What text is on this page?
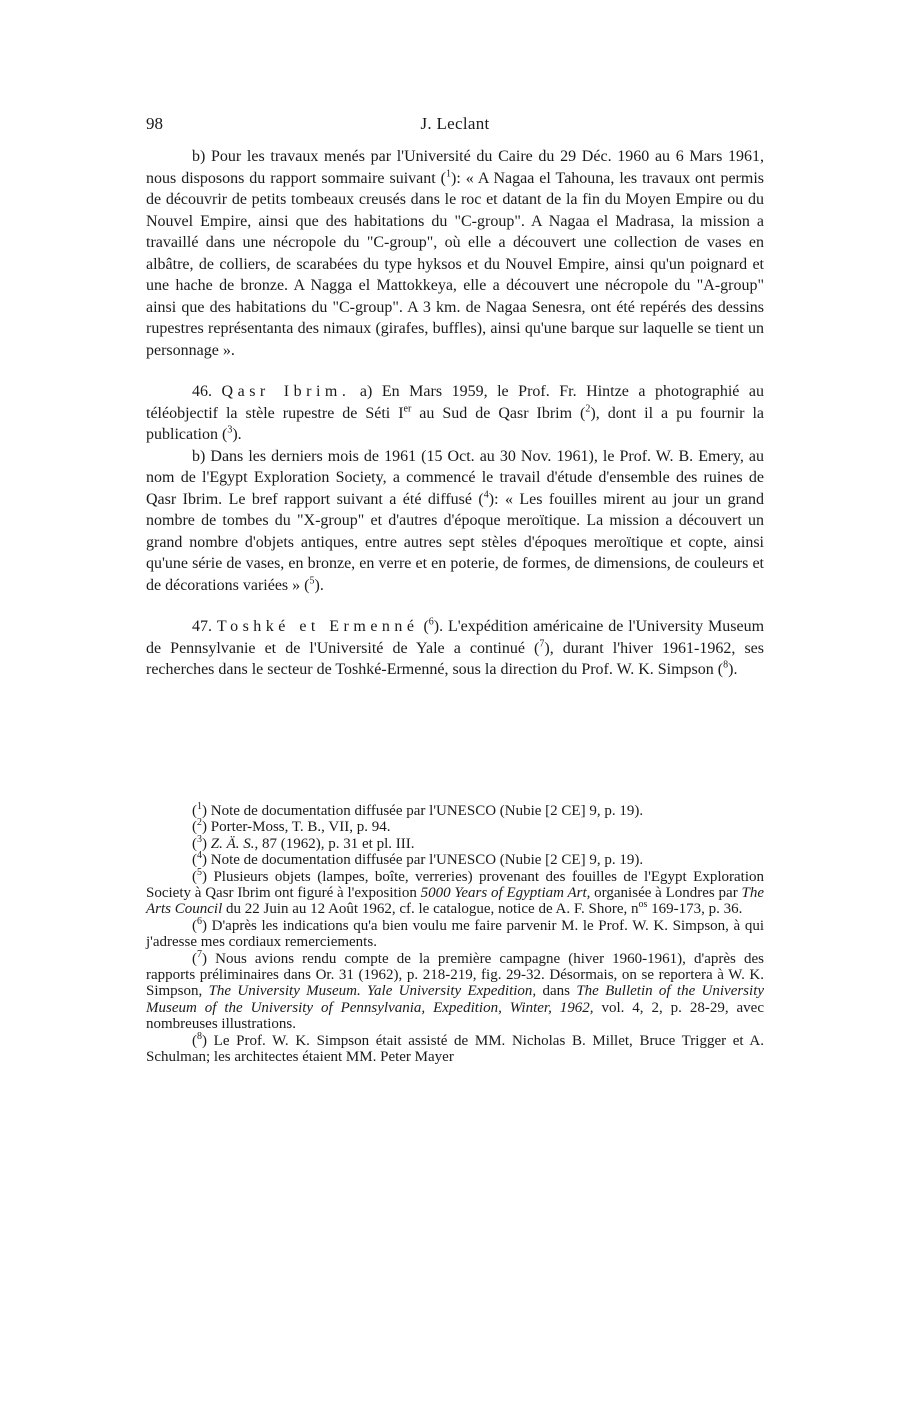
98	J. Leclant

b) Pour les travaux menés par l'Université du Caire du 29 Déc. 1960 au 6 Mars 1961, nous disposons du rapport sommaire suivant ($^1$): « A Nagaa el Tahouna, les travaux ont permis de découvrir de petits tombeaux creusés dans le roc et datant de la fin du Moyen Empire ou du Nouvel Empire, ainsi que des habitations du "C-group". A Nagaa el Madrasa, la mission a travaillé dans une nécropole du "C-group", où elle a découvert une collection de vases en albâtre, de colliers, de scarabées du type hyksos et du Nouvel Empire, ainsi qu'un poignard et une hache de bronze. A Nagga el Mattokkeya, elle a découvert une nécropole du "A-group" ainsi que des habitations du "C-group". A 3 km. de Nagaa Senesra, ont été repérés des dessins rupestres représentanta des nimaux (girafes, buffles), ainsi qu'une barque sur laquelle se tient un personnage ».

46. Qasr Ibrim. a) En Mars 1959, le Prof. Fr. Hintze a photographié au téléobjectif la stèle rupestre de Séti Ier au Sud de Qasr Ibrim ($^2$), dont il a pu fournir la publication ($^3$).

b) Dans les derniers mois de 1961 (15 Oct. au 30 Nov. 1961), le Prof. W. B. Emery, au nom de l'Egypt Exploration Society, a commencé le travail d'étude d'ensemble des ruines de Qasr Ibrim. Le bref rapport suivant a été diffusé ($^4$): « Les fouilles mirent au jour un grand nombre de tombes du "X-group" et d'autres d'époque meroïtique. La mission a découvert un grand nombre d'objets antiques, entre autres sept stèles d'époques meroïtique et copte, ainsi qu'une série de vases, en bronze, en verre et en poterie, de formes, de dimensions, de couleurs et de décorations variées » ($^5$).

47. Toshké et Ermenné ($^6$). L'expédition américaine de l'University Museum de Pennsylvanie et de l'Université de Yale a continué ($^7$), durant l'hiver 1961-1962, ses recherches dans le secteur de Toshké-Ermenné, sous la direction du Prof. W. K. Simpson ($^8$).

($^1$) Note de documentation diffusée par l'UNESCO (Nubie [2 CE] 9, p. 19).

($^2$) Porter-Moss, T. B., VII, p. 94.

($^3$) Z. Ä. S., 87 (1962), p. 31 et pl. III.

($^4$) Note de documentation diffusée par l'UNESCO (Nubie [2 CE] 9, p. 19).

($^5$) Plusieurs objets (lampes, boîte, verreries) provenant des fouilles de l'Egypt Exploration Society à Qasr Ibrim ont figuré à l'exposition 5000 Years of Egyptiam Art, organisée à Londres par The Arts Council du 22 Juin au 12 Août 1962, cf. le catalogue, notice de A. F. Shore, $n^{os}$ 169-173, p. 36.

($^6$) D'après les indications qu'a bien voulu me faire parvenir M. le Prof. W. K. Simpson, à qui j'adresse mes cordiaux remerciements.

($^7$) Nous avions rendu compte de la première campagne (hiver 1960-1961), d'après des rapports préliminaires dans Or. 31 (1962), p. 218-219, fig. 29-32. Désormais, on se reportera à W. K. Simpson, The University Museum. Yale University Expedition, dans The Bulletin of the University Museum of the University of Pennsylvania, Expedition, Winter, 1962, vol. 4, 2, p. 28-29, avec nombreuses illustrations.

($^8$) Le Prof. W. K. Simpson était assisté de MM. Nicholas B. Millet, Bruce Trigger et A. Schulman; les architectes étaient MM. Peter Mayer
